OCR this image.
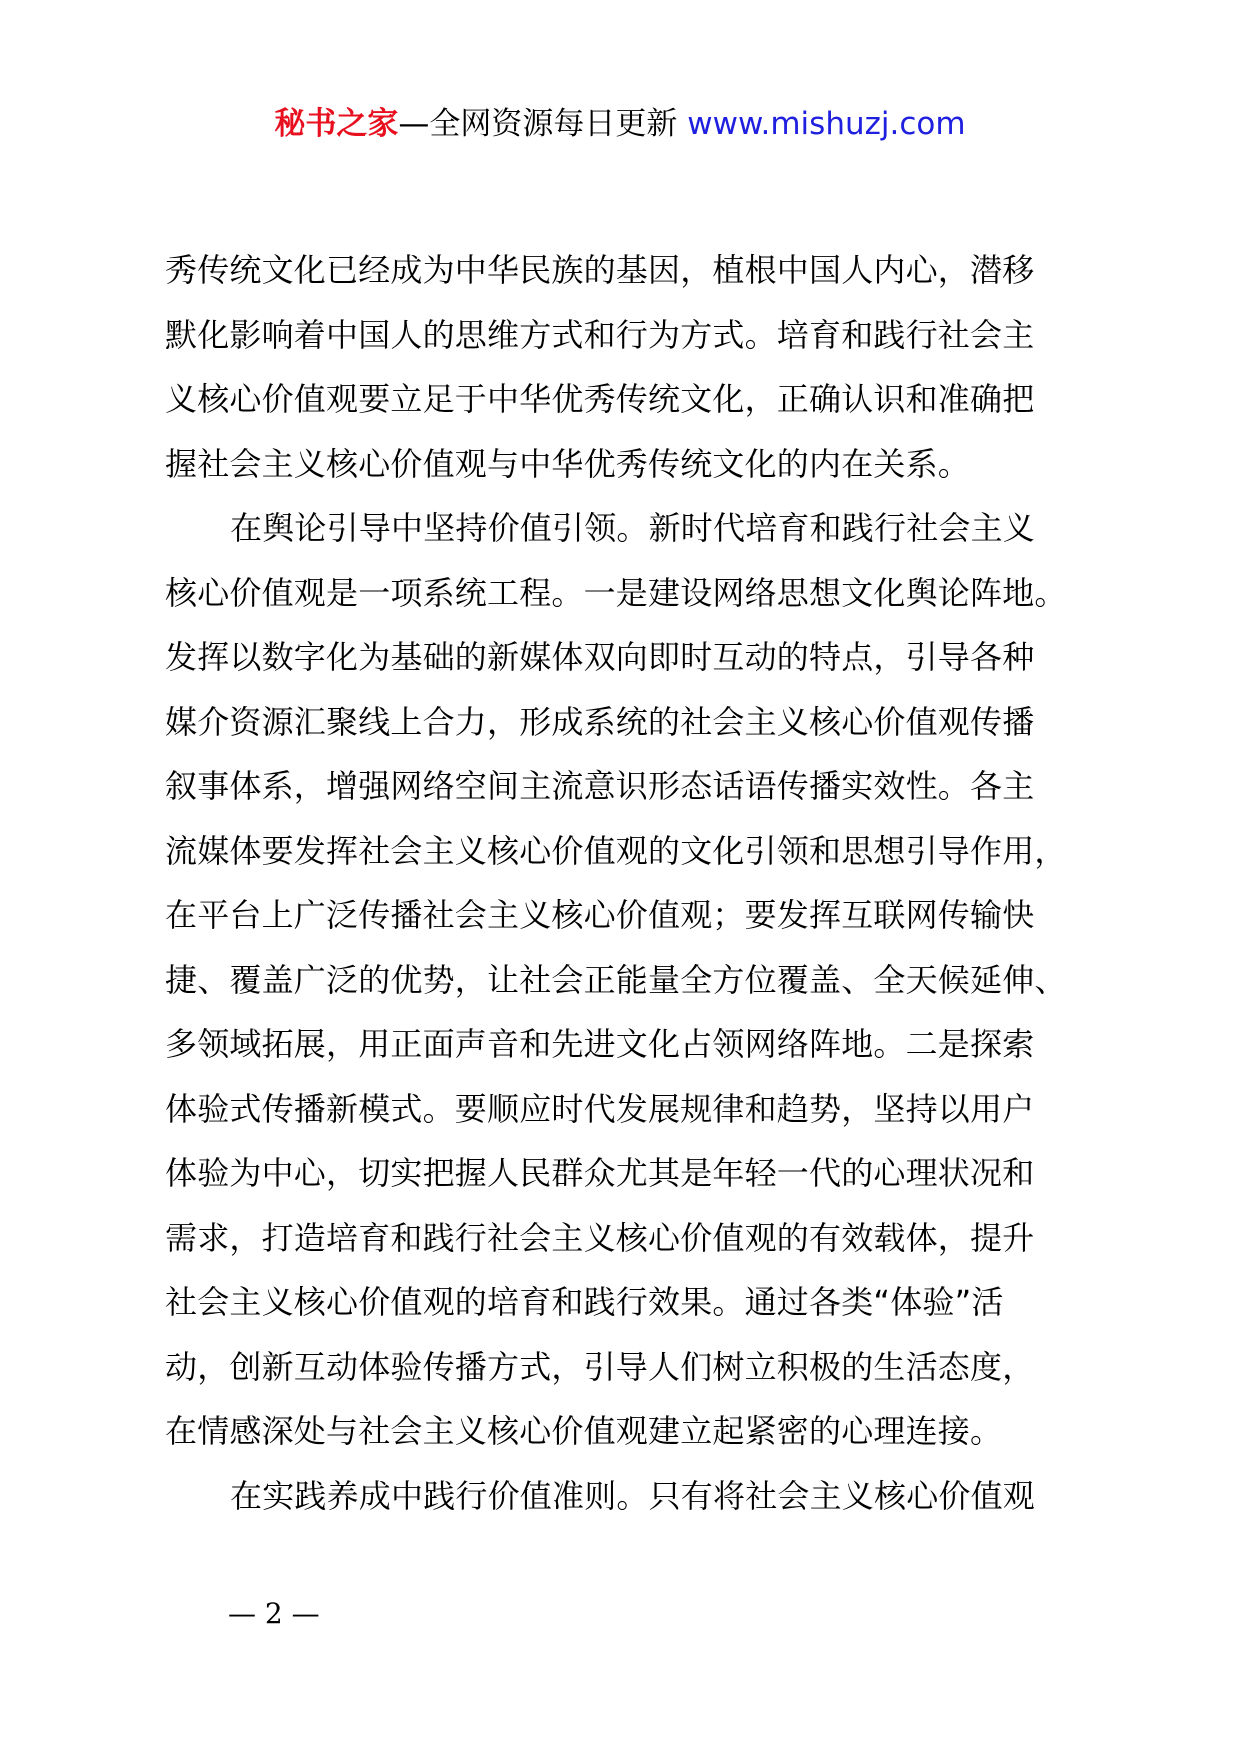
秘书之家—全网资源每日更新 www.mishuzj.com
秀传统文化已经成为中华民族的基因，植根中国人内心，潜移
默化影响着中国人的思维方式和行为方式。培育和践行社会主
义核心价值观要立足于中华优秀传统文化，正确认识和准确把
握社会主义核心价值观与中华优秀传统文化的内在关系。
在舆论引导中坚持价值引领。新时代培育和践行社会主义
核心价值观是一项系统工程。一是建设网络思想文化舆论阵地。
发挥以数字化为基础的新媒体双向即时互动的特点，引导各种
媒介资源汇聚线上合力，形成系统的社会主义核心价值观传播
叙事体系，增强网络空间主流意识形态话语传播实效性。各主
流媒体要发挥社会主义核心价值观的文化引领和思想引导作用，
在平台上广泛传播社会主义核心价值观；要发挥互联网传输快
捷、覆盖广泛的优势，让社会正能量全方位覆盖、全天候延伸、
多领域拓展，用正面声音和先进文化占领网络阵地。二是探索
体验式传播新模式。要顺应时代发展规律和趋势，坚持以用户
体验为中心，切实把握人民群众尤其是年轻一代的心理状况和
需求，打造培育和践行社会主义核心价值观的有效载体，提升
社会主义核心价值观的培育和践行效果。通过各类“体验”活
动，创新互动体验传播方式，引导人们树立积极的生活态度，
在情感深处与社会主义核心价值观建立起紧密的心理连接。
在实践养成中践行价值准则。只有将社会主义核心价值观
— 2 —
